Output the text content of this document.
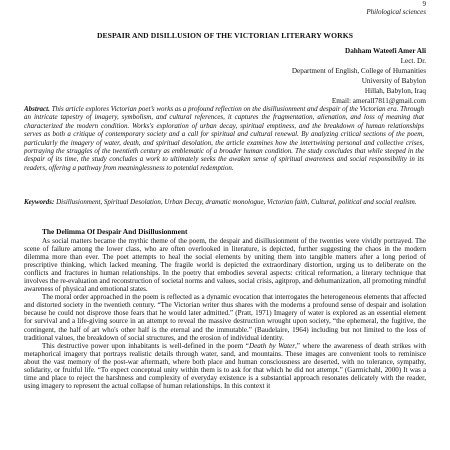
9
Philological sciences
DESPAIR AND DISILLUSION OF THE VICTORIAN LITERARY WORKS
Dahham Wateefi Amer Ali
Lect. Dr.
Department of English, College of Humanities
University of Babylon
Hillah, Babylon, Iraq
Email: ameralI7811@gmail.com
Abstract. This article explores Victorian poet’s works as a profound reflection on the disillusionment and despair of the Victorian era. Through an intricate tapestry of imagery, symbolism, and cultural references, it captures the fragmentation, alienation, and loss of meaning that characterized the modern condition. Works's exploration of urban decay, spiritual emptiness, and the breakdown of human relationships serves as both a critique of contemporary society and a call for spiritual and cultural renewal. By analyzing critical sections of the poem, particularly the imagery of water, death, and spiritual desolation, the article examines how the intertwining personal and collective crises, portraying the struggles of the twentieth century as emblematic of a broader human condition. The study concludes that while steeped in the despair of its time, the study concludes a work to ultimately seeks the awaken sense of spiritual awareness and social responsibility in its readers, offering a pathway from meaninglessness to potential redemption.
Keywords: Disillusionment, Spiritual Desolation, Urban Decay, dramatic monologue, Victorian faith, Cultural, political and social realism.
The Delimma Of Despair And Disillusionment

As social matters became the mythic theme of the poem, the despair and disillusionment of the twenties were vividly portrayed. The scene of failure among the lower class, who are often overlooked in literature, is depicted, further suggesting the chaos in the modern dilemma more than ever. The poet attempts to heal the social elements by uniting them into tangible matters after a long period of prescriptive thinking, which lacked meaning. The fragile world is depicted the extraordinary distortion, urging us to deliberate on the conflicts and fractures in human relationships. In the poetry that embodies several aspects: critical reformation, a literary technique that involves the re-evaluation and reconstruction of societal norms and values, social crisis, agitprop, and dehumanization, all promoting mindful awareness of physical and emotional states.

The moral order approached in the poem is reflected as a dynamic evocation that interrogates the heterogeneous elements that affected and distorted society in the twentieth century. “The Victorian writer thus shares with the moderns a profound sense of despair and isolation because he could not disprove those fears that he would later admitted.” (Pratt, 1971) Imagery of water is explored as an essential element for survival and a life-giving source in an attempt to reveal the massive destruction wrought upon society, “the ephemeral, the fugitive, the contingent, the half of art who's other half is the eternal and the immutable.” (Baudelaire, 1964) including but not limited to the loss of traditional values, the breakdown of social structures, and the erosion of individual identity.

This destructive power upon inhabitants is well-defined in the poem “Death by Water,” where the awareness of death strikes with metaphorical imagery that portrays realistic details through water, sand, and mountains. These images are convenient tools to reminisce about the vast memory of the post-war aftermath, where both place and human consciousness are deserted, with no tolerance, sympathy, solidarity, or fruitful life. “To expect conceptual unity within them is to ask for that which he did not attempt.” (Garmichahl, 2000) It was a time and place to reject the harshness and complexity of everyday existence is a substantial approach resonates delicately with the reader, using imagery to represent the actual collapse of human relationships. In this context it
